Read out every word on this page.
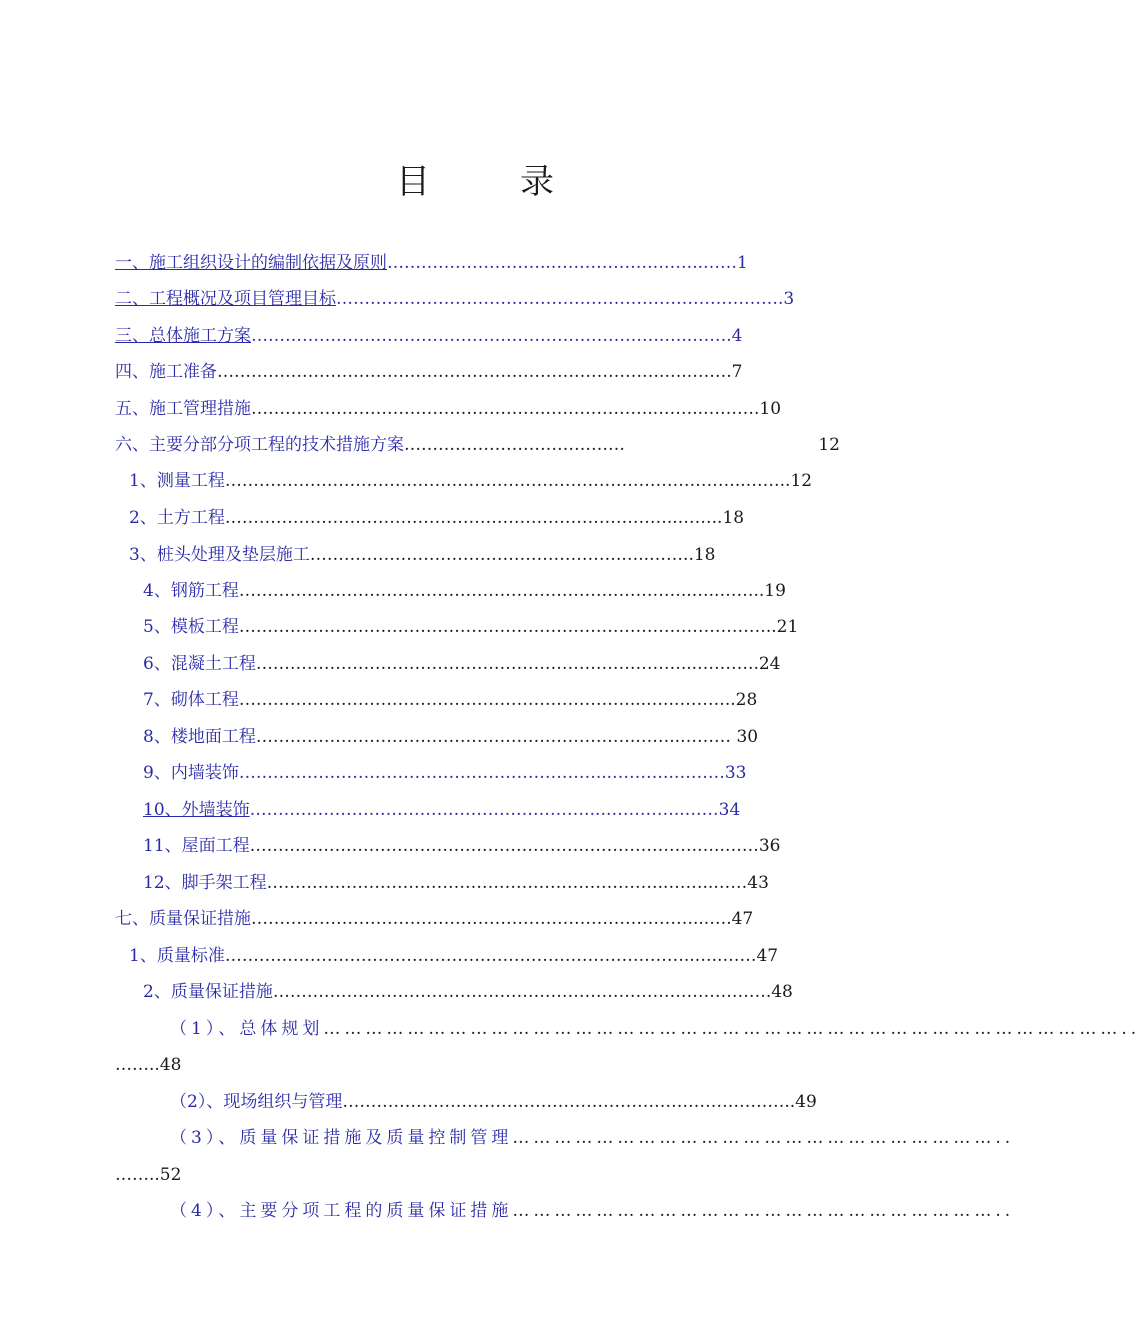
目　录
一、施工组织设计的编制依据及原则………………………..……………….……..……1
二、工程概况及项目管理目标…………………………………………………………………….3
三、总体施工方案……………………………………………………………….…..…….4
四、施工准备…………………………………………………………………….…..…….7
五、施工管理措施…………………………………………….………………..……..……….10
六、主要分部分项工程的技术措施方案…………………………………	12
1、测量工程………………………………………………………………………………..……..12
2、土方工程……………………………………………………………………..……..18
3、桩头处理及垫层施工……………………………………………….…..……..18
4、钢筋工程……………………………………………………………………..…..……..19
5、模板工程…………………………………………………………………………………..21
6、混凝土工程…………………………………………………………………...………..24
7、砌体工程……………………………………………………………...…..………..28
8、楼地面工程………………………………………………………….……..……… 30
9、内墙装饰………………………………………………………...………..………33
10、外墙装饰……………………………………………………...…………..……34
11、屋面工程…………………………………………………………………….…..……36
12、脚手架工程……………………………………………………………..……..……43
七、质量保证措施……………………………………………………………………...….47
1、质量标准………………………………………………………………………..…..……47
2、质量保证措施…………………………………………………………………………….48
（1）、总体规划……………………………………………………………………………………………………..
……..48
（2）、现场组织与管理……………………………………………………………………..49
（3）、质量保证措施及质量控制管理……………………………………………………………..
……..52
（4）、主要分项工程的质量保证措施……………………………………………………………..
